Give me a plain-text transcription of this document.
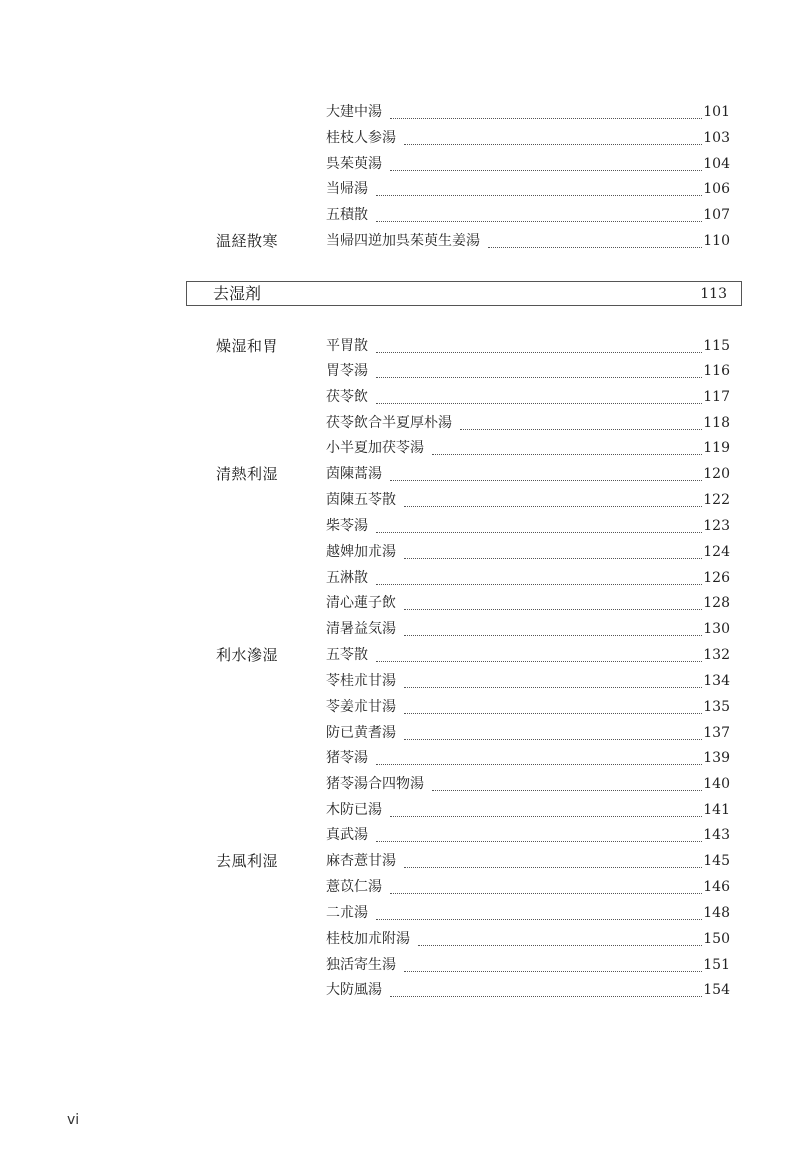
大建中湯	101
桂枝人参湯	103
呉茱萸湯	104
当帰湯	106
五積散	107
温経散寒	当帰四逆加呉茱萸生姜湯	110
去湿剤	113
燥湿和胃	平胃散	115
胃苓湯	116
茯苓飲	117
茯苓飲合半夏厚朴湯	118
小半夏加茯苓湯	119
清熱利湿	茵陳蒿湯	120
茵陳五苓散	122
柴苓湯	123
越婢加朮湯	124
五淋散	126
清心蓮子飲	128
清暑益気湯	130
利水滲湿	五苓散	132
苓桂朮甘湯	134
苓姜朮甘湯	135
防已黄耆湯	137
猪苓湯	139
猪苓湯合四物湯	140
木防已湯	141
真武湯	143
去風利湿	麻杏薏甘湯	145
薏苡仁湯	146
二朮湯	148
桂枝加朮附湯	150
独活寄生湯	151
大防風湯	154
vi
